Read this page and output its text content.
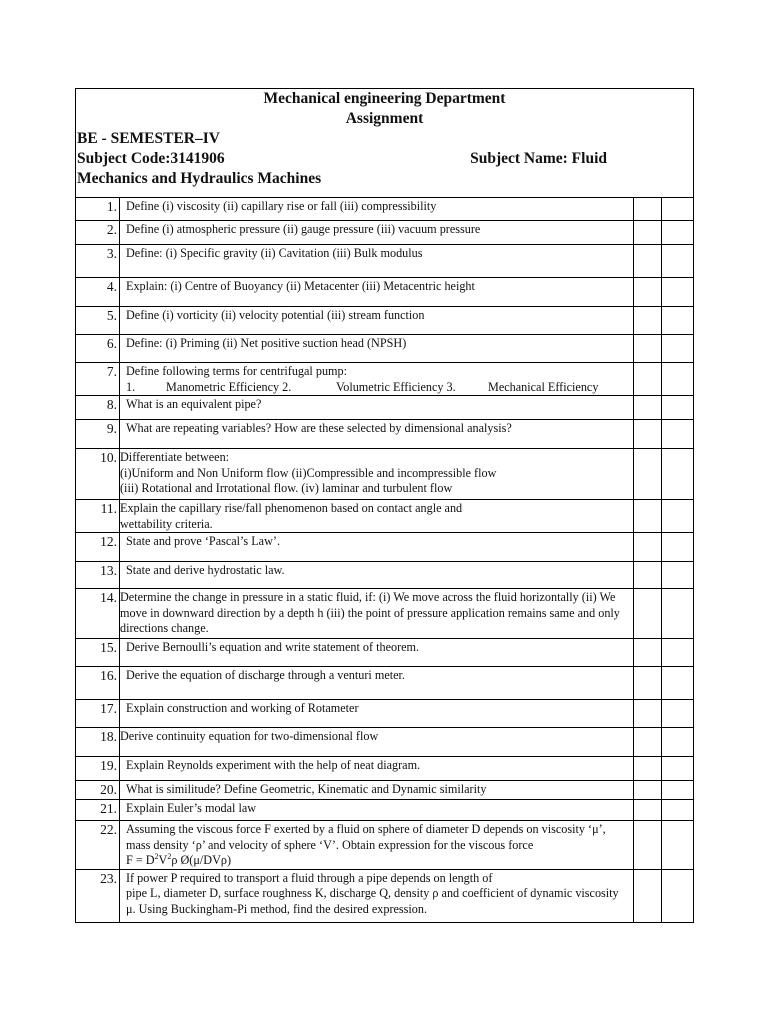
Mechanical engineering Department
Assignment
BE - SEMESTER–IV
Subject Code:3141906	Subject Name: Fluid
Mechanics and Hydraulics Machines
1.	Define (i) viscosity (ii) capillary rise or fall (iii) compressibility		

2.	Define (i) atmospheric pressure (ii) gauge pressure (iii) vacuum pressure		

3.	Define: (i) Specific gravity (ii) Cavitation (iii) Bulk modulus		

4.	Explain: (i) Centre of Buoyancy (ii) Metacenter (iii) Metacentric height		

5.	Define (i) vorticity (ii) velocity potential (iii) stream function		

6.	Define: (i) Priming (ii) Net positive suction head (NPSH)		

7.	Define following terms for centrifugal pump:
1. Manometric Efficiency 2. Volumetric Efficiency 3. Mechanical Efficiency		

8.	What is an equivalent pipe?		

9.	What are repeating variables? How are these selected by dimensional analysis?		

10.	Differentiate between:
(i)Uniform and Non Uniform flow (ii)Compressible and incompressible flow
(iii) Rotational and Irrotational flow. (iv) laminar and turbulent flow		

11.	Explain the capillary rise/fall phenomenon based on contact angle and
wettability criteria.		

12.	State and prove ‘Pascal’s Law’.		

13.	State and derive hydrostatic law.		

14.	Determine the change in pressure in a static fluid, if: (i) We move across the fluid horizontally (ii) We
move in downward direction by a depth h (iii) the point of pressure application remains same and only
directions change.		

15.	Derive Bernoulli’s equation and write statement of theorem.		

16.	Derive the equation of discharge through a venturi meter.		

17.	Explain construction and working of Rotameter		

18.	Derive continuity equation for two-dimensional flow		

19.	Explain Reynolds experiment with the help of neat diagram.		

20.	What is similitude? Define Geometric, Kinematic and Dynamic similarity		

21.	Explain Euler’s modal law		

22.	Assuming the viscous force F exerted by a fluid on sphere of diameter D depends on viscosity ‘μ’,
mass density ‘ρ’ and velocity of sphere ‘V’. Obtain expression for the viscous force
$F = D^2V^2\rho$ Ø(μ/DVρ)		

23.	If power P required to transport a fluid through a pipe depends on length of
pipe L, diameter D, surface roughness K, discharge Q, density ρ and coefficient of dynamic viscosity
μ. Using Buckingham-Pi method, find the desired expression.		
